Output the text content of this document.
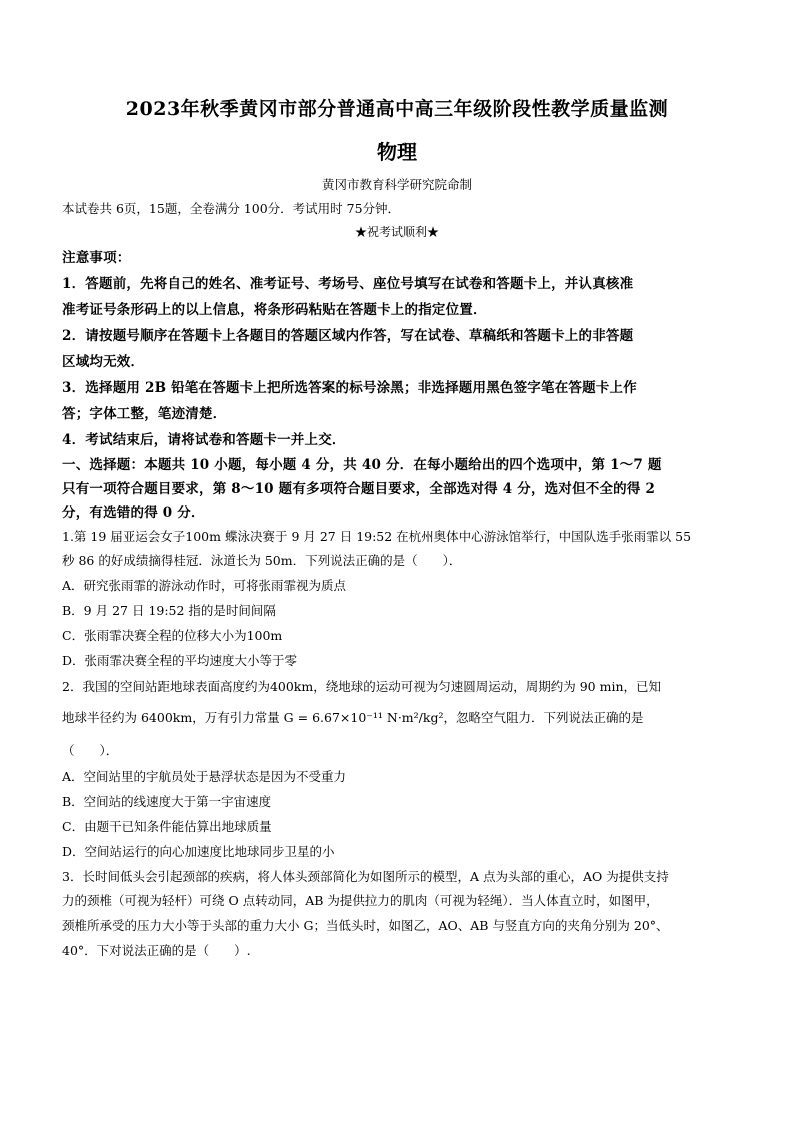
2023年秋季黄冈市部分普通高中高三年级阶段性教学质量监测
物理
黄冈市教育科学研究院命制
本试卷共 6页，15题，全卷满分 100分．考试用时 75分钟．
★祝考试顺利★
注意事项：
1．答题前，先将自己的姓名、准考证号、考场号、座位号填写在试卷和答题卡上，并认真核准
准考证号条形码上的以上信息，将条形码粘贴在答题卡上的指定位置．
2．请按题号顺序在答题卡上各题目的答题区域内作答，写在试卷、草稿纸和答题卡上的非答题
区域均无效．
3．选择题用 2B 铅笔在答题卡上把所选答案的标号涂黑；非选择题用黑色签字笔在答题卡上作
答；字体工整，笔迹清楚．
4．考试结束后，请将试卷和答题卡一并上交．
一、选择题：本题共 10 小题，每小题 4 分，共 40 分．在每小题给出的四个选项中，第 1～7 题
只有一项符合题目要求，第 8～10 题有多项符合题目要求，全部选对得 4 分，选对但不全的得 2
分，有选错的得 0 分．
1.第 19 届亚运会女子100m 蝶泳决赛于 9 月 27 日 19:52 在杭州奥体中心游泳馆举行，中国队选手张雨霏以 55
秒 86 的好成绩摘得桂冠．泳道长为 50m．下列说法正确的是（　　）．
A．研究张雨霏的游泳动作时，可将张雨霏视为质点
B．9 月 27 日 19:52 指的是时间间隔
C．张雨霏决赛全程的位移大小为100m
D．张雨霏决赛全程的平均速度大小等于零
2．我国的空间站距地球表面高度约为400km，绕地球的运动可视为匀速圆周运动，周期约为 90 min，已知
地球半径约为 6400km，万有引力常量 G = 6.67×10⁻¹¹ N·m²/kg²，忽略空气阻力．下列说法正确的是
（　　）．
A．空间站里的宇航员处于悬浮状态是因为不受重力
B．空间站的线速度大于第一宇宙速度
C．由题干已知条件能估算出地球质量
D．空间站运行的向心加速度比地球同步卫星的小
3．长时间低头会引起颈部的疾病，将人体头颈部简化为如图所示的模型，A 点为头部的重心，AO 为提供支持
力的颈椎（可视为轻杆）可绕 O 点转动同，AB 为提供拉力的肌肉（可视为轻绳）．当人体直立时，如图甲，
颈椎所承受的压力大小等于头部的重力大小 G；当低头时，如图乙，AO、AB 与竖直方向的夹角分别为 20°、
40°．下对说法正确的是（　　）.
